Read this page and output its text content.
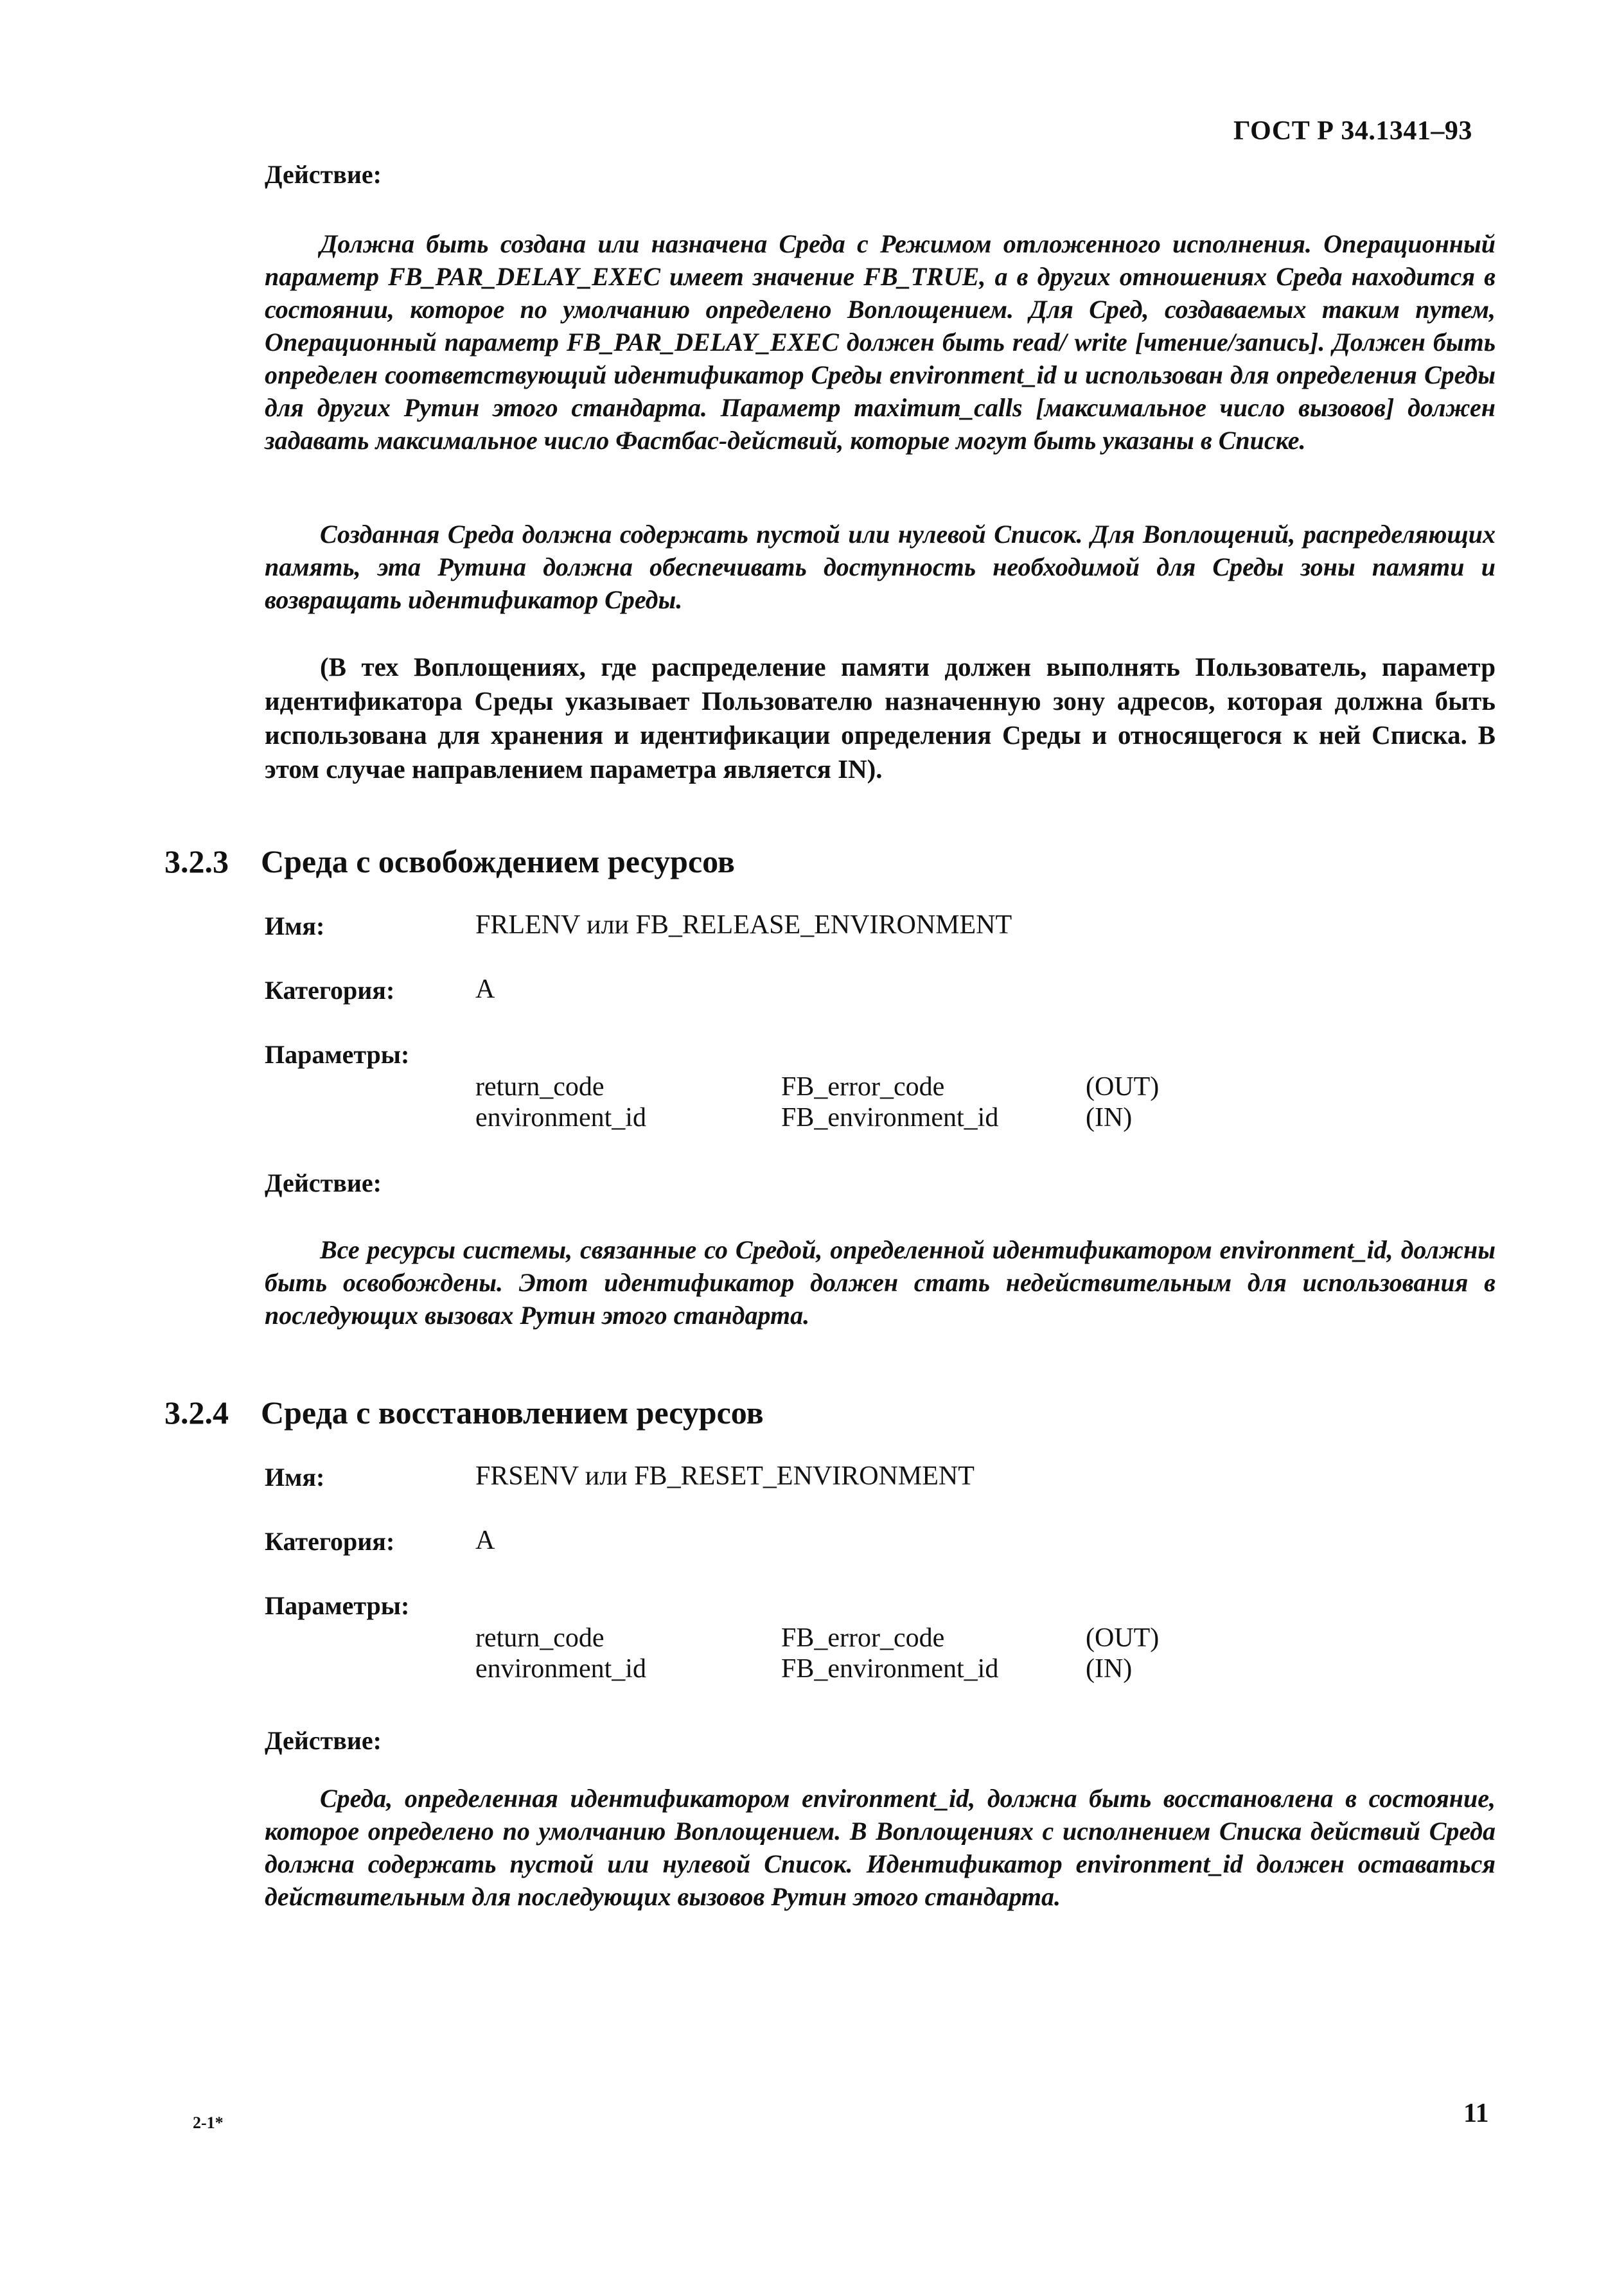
ГОСТ Р 34.1341–93
Действие:

Должна быть создана или назначена Среда с Режимом отложенного исполнения. Операционный параметр FB_PAR_DELAY_EXEC имеет значение FB_TRUE, а в других отношениях Среда находится в состоянии, которое по умолчанию определено Воплощением. Для Сред, создаваемых таким путем, Операционный параметр FB_PAR_DELAY_EXEC должен быть read/ write [чтение/запись]. Должен быть определен соответствующий идентификатор Среды environment_id и использован для определения Среды для других Рутин этого стандарта. Параметр maximum_calls [максимальное число вызовов] должен задавать максимальное число Фастбас-действий, которые могут быть указаны в Списке.

Созданная Среда должна содержать пустой или нулевой Список. Для Воплощений, распределяющих память, эта Рутина должна обеспечивать доступность необходимой для Среды зоны памяти и возвращать идентификатор Среды.

(В тех Воплощениях, где распределение памяти должен выполнять Пользователь, параметр идентификатора Среды указывает Пользователю назначенную зону адресов, которая должна быть использована для хранения и идентификации определения Среды и относящегося к ней Списка. В этом случае направлением параметра является IN).

3.2.3 Среда с освобождением ресурсов
Имя:	FRLENV или FB_RELEASE_ENVIRONMENT
Категория:	A
Параметры:
return_code	FB_error_code	(OUT)
environment_id	FB_environment_id	(IN)
Действие:

Все ресурсы системы, связанные со Средой, определенной идентификатором environment_id, должны быть освобождены. Этот идентификатор должен стать недействительным для использования в последующих вызовах Рутин этого стандарта.

3.2.4 Среда с восстановлением ресурсов
Имя:	FRSENV или FB_RESET_ENVIRONMENT
Категория:	A
Параметры:
return_code	FB_error_code	(OUT)
environment_id	FB_environment_id	(IN)
Действие:

Среда, определенная идентификатором environment_id, должна быть восстановлена в состояние, которое определено по умолчанию Воплощением. В Воплощениях с исполнением Списка действий Среда должна содержать пустой или нулевой Список. Идентификатор environment_id должен оставаться действительным для последующих вызовов Рутин этого стандарта.

2-1*	11
